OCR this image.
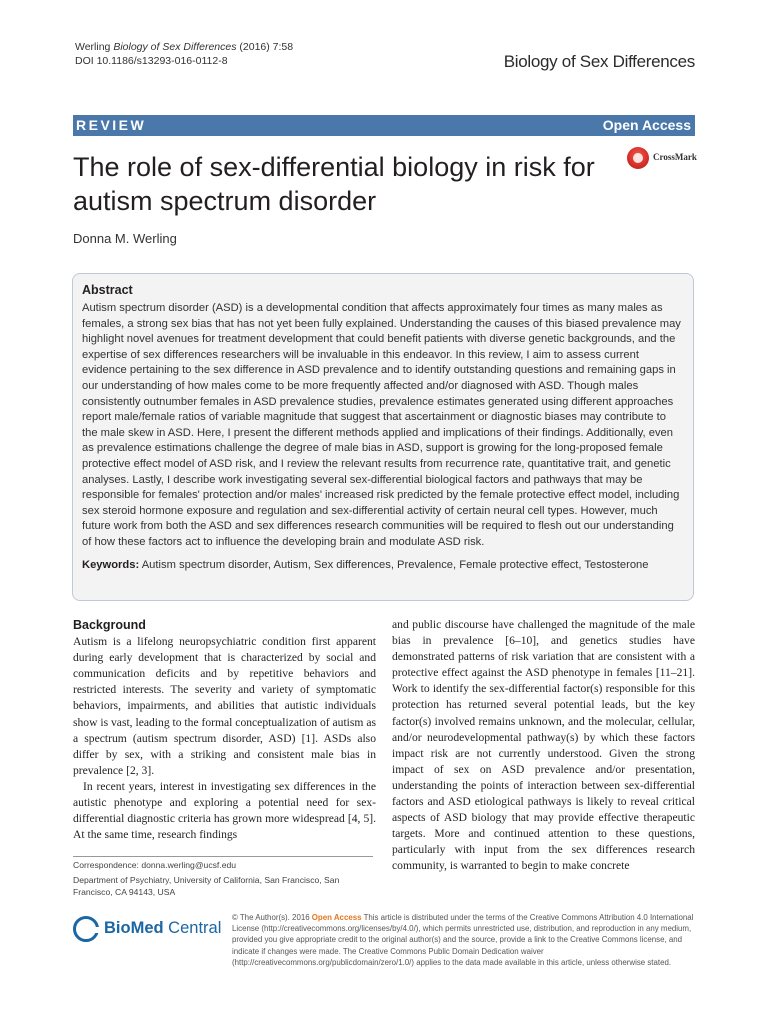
Werling Biology of Sex Differences (2016) 7:58
DOI 10.1186/s13293-016-0112-8	Biology of Sex Differences
REVIEW	Open Access
The role of sex-differential biology in risk for autism spectrum disorder
CrossMark
Donna M. Werling
Abstract
Autism spectrum disorder (ASD) is a developmental condition that affects approximately four times as many males as females, a strong sex bias that has not yet been fully explained. Understanding the causes of this biased prevalence may highlight novel avenues for treatment development that could benefit patients with diverse genetic backgrounds, and the expertise of sex differences researchers will be invaluable in this endeavor. In this review, I aim to assess current evidence pertaining to the sex difference in ASD prevalence and to identify outstanding questions and remaining gaps in our understanding of how males come to be more frequently affected and/or diagnosed with ASD. Though males consistently outnumber females in ASD prevalence studies, prevalence estimates generated using different approaches report male/female ratios of variable magnitude that suggest that ascertainment or diagnostic biases may contribute to the male skew in ASD. Here, I present the different methods applied and implications of their findings. Additionally, even as prevalence estimations challenge the degree of male bias in ASD, support is growing for the long-proposed female protective effect model of ASD risk, and I review the relevant results from recurrence rate, quantitative trait, and genetic analyses. Lastly, I describe work investigating several sex-differential biological factors and pathways that may be responsible for females' protection and/or males' increased risk predicted by the female protective effect model, including sex steroid hormone exposure and regulation and sex-differential activity of certain neural cell types. However, much future work from both the ASD and sex differences research communities will be required to flesh out our understanding of how these factors act to influence the developing brain and modulate ASD risk.
Keywords: Autism spectrum disorder, Autism, Sex differences, Prevalence, Female protective effect, Testosterone
Background

Autism is a lifelong neuropsychiatric condition first apparent during early development that is characterized by social and communication deficits and by repetitive behaviors and restricted interests. The severity and variety of symptomatic behaviors, impairments, and abilities that autistic individuals show is vast, leading to the formal conceptualization of autism as a spectrum (autism spectrum disorder, ASD) [1]. ASDs also differ by sex, with a striking and consistent male bias in prevalence [2, 3].

In recent years, interest in investigating sex differences in the autistic phenotype and exploring a potential need for sex-differential diagnostic criteria has grown more widespread [4, 5]. At the same time, research findings

and public discourse have challenged the magnitude of the male bias in prevalence [6–10], and genetics studies have demonstrated patterns of risk variation that are consistent with a protective effect against the ASD phenotype in females [11–21]. Work to identify the sex-differential factor(s) responsible for this protection has returned several potential leads, but the key factor(s) involved remains unknown, and the molecular, cellular, and/or neurodevelopmental pathway(s) by which these factors impact risk are not currently understood. Given the strong impact of sex on ASD prevalence and/or presentation, understanding the points of interaction between sex-differential factors and ASD etiological pathways is likely to reveal critical aspects of ASD biology that may provide effective therapeutic targets. More and continued attention to these questions, particularly with input from the sex differences research community, is warranted to begin to make concrete

Correspondence: donna.werling@ucsf.edu

Department of Psychiatry, University of California, San Francisco, San Francisco, CA 94143, USA

BioMed Central
© The Author(s). 2016 Open Access This article is distributed under the terms of the Creative Commons Attribution 4.0 International License (http://creativecommons.org/licenses/by/4.0/), which permits unrestricted use, distribution, and reproduction in any medium, provided you give appropriate credit to the original author(s) and the source, provide a link to the Creative Commons license, and indicate if changes were made. The Creative Commons Public Domain Dedication waiver (http://creativecommons.org/publicdomain/zero/1.0/) applies to the data made available in this article, unless otherwise stated.
